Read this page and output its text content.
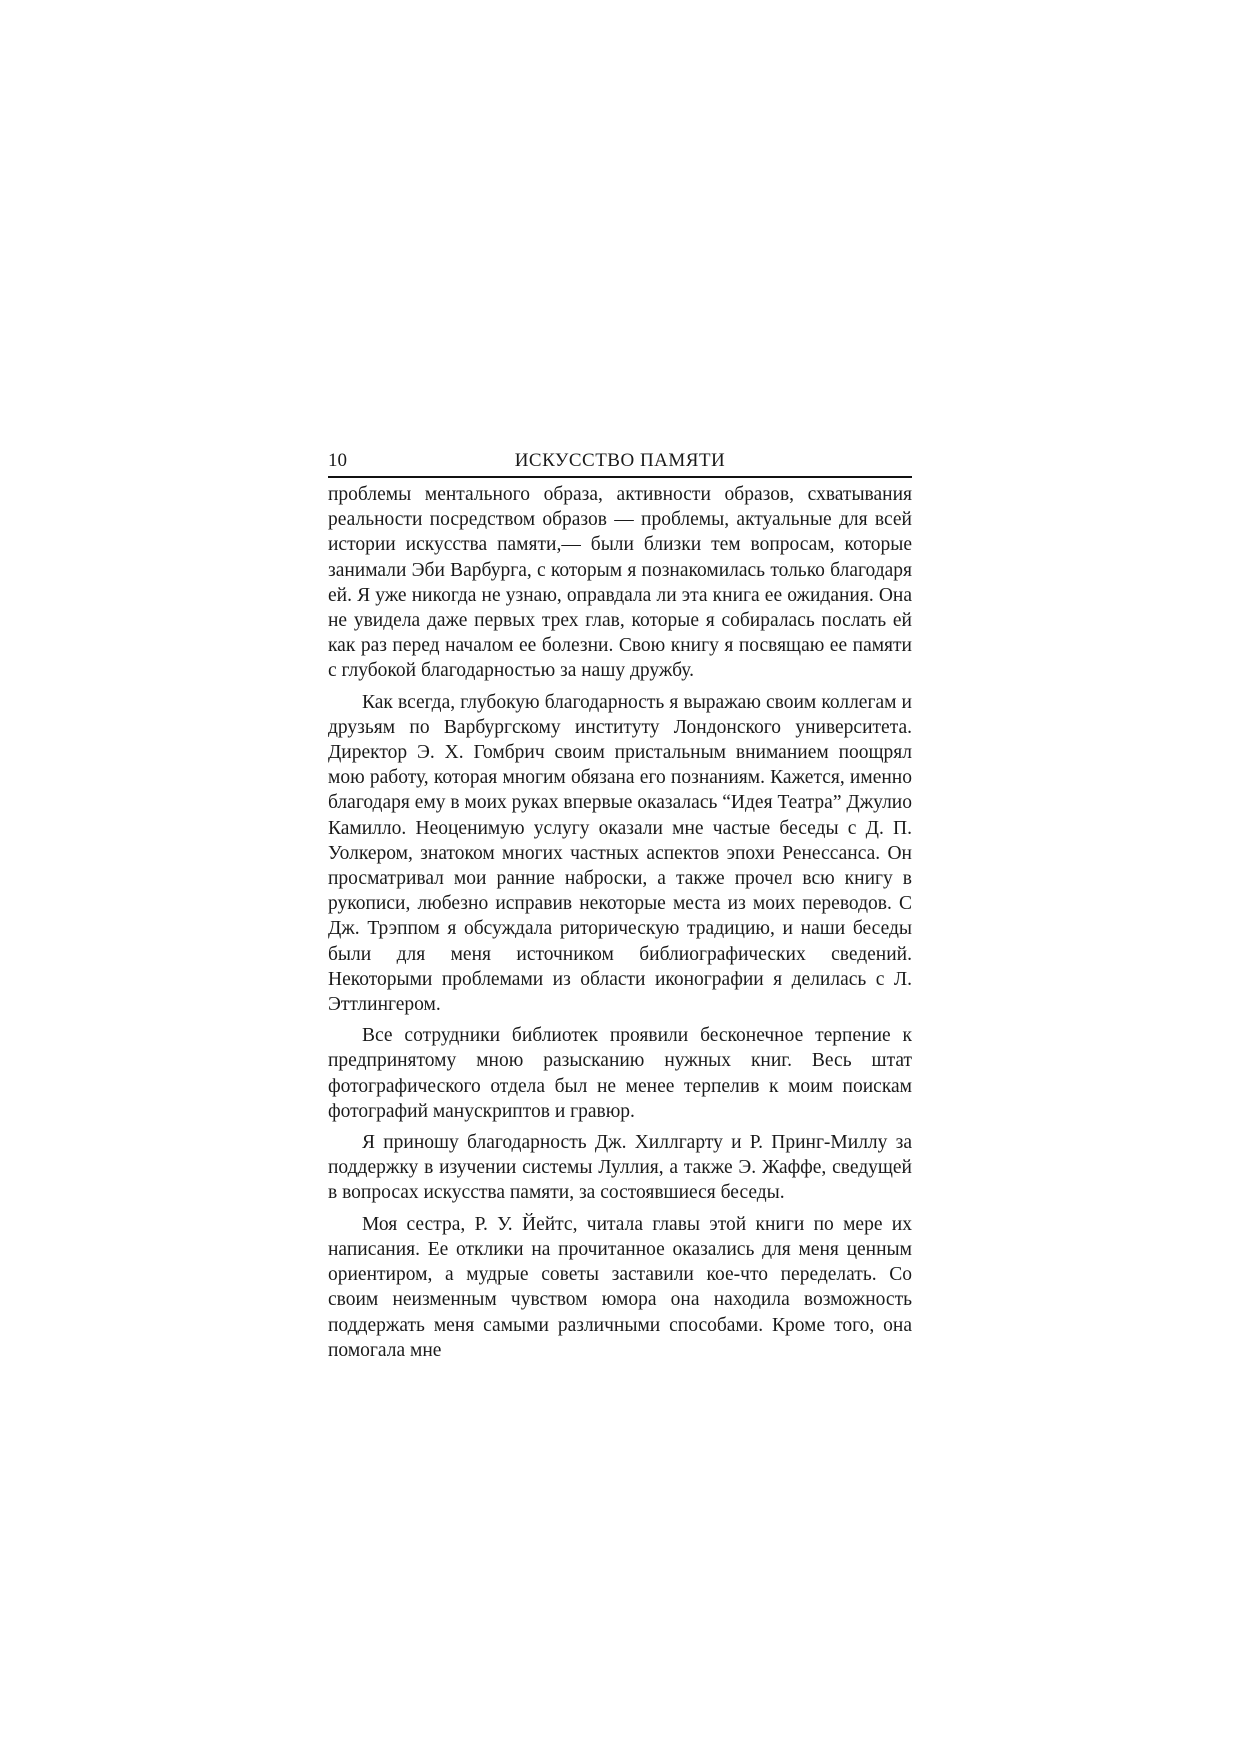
10	ИСКУССТВО ПАМЯТИ

проблемы ментального образа, активности образов, схватывания реальности посредством образов — проблемы, актуальные для всей истории искусства памяти,— были близки тем вопросам, которые занимали Эби Варбурга, с которым я познакомилась только благодаря ей. Я уже никогда не узнаю, оправдала ли эта книга ее ожидания. Она не увидела даже первых трех глав, которые я собиралась послать ей как раз перед началом ее болезни. Свою книгу я посвящаю ее памяти с глубокой благодарностью за нашу дружбу.

Как всегда, глубокую благодарность я выражаю своим коллегам и друзьям по Варбургскому институту Лондонского университета. Директор Э. Х. Гомбрич своим пристальным вниманием поощрял мою работу, которая многим обязана его познаниям. Кажется, именно благодаря ему в моих руках впервые оказалась “Идея Театра” Джулио Камилло. Неоценимую услугу оказали мне частые беседы с Д. П. Уолкером, знатоком многих частных аспектов эпохи Ренессанса. Он просматривал мои ранние наброски, а также прочел всю книгу в рукописи, любезно исправив некоторые места из моих переводов. С Дж. Трэппом я обсуждала риторическую традицию, и наши беседы были для меня источником библиографических сведений. Некоторыми проблемами из области иконографии я делилась с Л. Эттлингером.

Все сотрудники библиотек проявили бесконечное терпение к предпринятому мною разысканию нужных книг. Весь штат фотографического отдела был не менее терпелив к моим поискам фотографий манускриптов и гравюр.

Я приношу благодарность Дж. Хиллгарту и Р. Принг-Миллу за поддержку в изучении системы Луллия, а также Э. Жаффе, сведущей в вопросах искусства памяти, за состоявшиеся беседы.

Моя сестра, Р. У. Йейтс, читала главы этой книги по мере их написания. Ее отклики на прочитанное оказались для меня ценным ориентиром, а мудрые советы заставили кое-что переделать. Со своим неизменным чувством юмора она находила возможность поддержать меня самыми различными способами. Кроме того, она помогала мне
